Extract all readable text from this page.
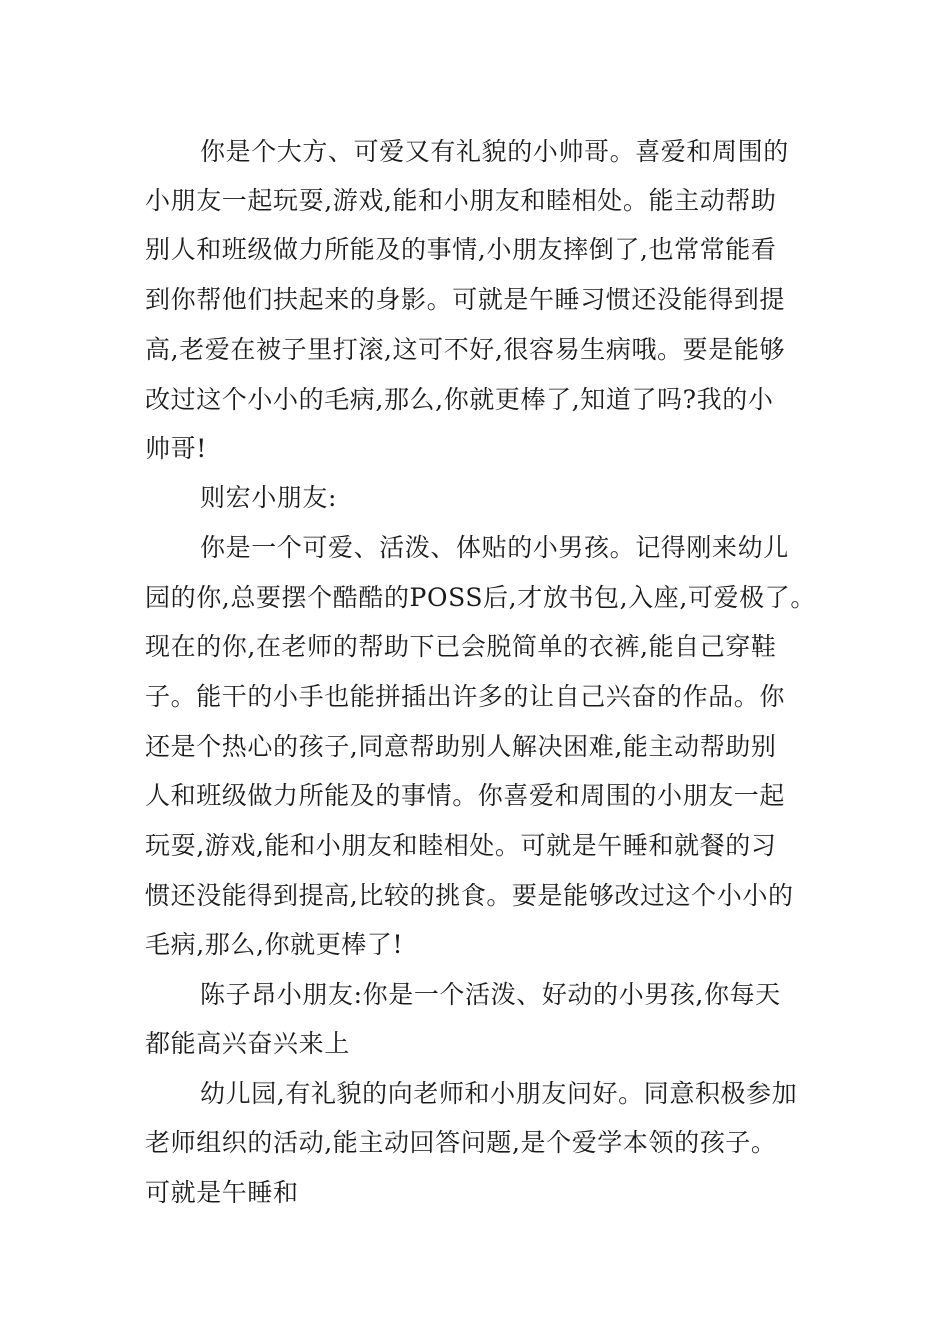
你是个大方、可爱又有礼貌的小帅哥。喜爱和周围的

小朋友一起玩耍,游戏,能和小朋友和睦相处。能主动帮助

别人和班级做力所能及的事情,小朋友摔倒了,也常常能看

到你帮他们扶起来的身影。可就是午睡习惯还没能得到提

高,老爱在被子里打滚,这可不好,很容易生病哦。要是能够

改过这个小小的毛病,那么,你就更棒了,知道了吗?我的小

帅哥!

则宏小朋友:

你是一个可爱、活泼、体贴的小男孩。记得刚来幼儿

园的你,总要摆个酷酷的POSS后,才放书包,入座,可爱极了。

现在的你,在老师的帮助下已会脱简单的衣裤,能自己穿鞋

子。能干的小手也能拼插出许多的让自己兴奋的作品。你

还是个热心的孩子,同意帮助别人解决困难,能主动帮助别

人和班级做力所能及的事情。你喜爱和周围的小朋友一起

玩耍,游戏,能和小朋友和睦相处。可就是午睡和就餐的习

惯还没能得到提高,比较的挑食。要是能够改过这个小小的

毛病,那么,你就更棒了!

陈子昂小朋友:你是一个活泼、好动的小男孩,你每天

都能高兴奋兴来上

幼儿园,有礼貌的向老师和小朋友问好。同意积极参加

老师组织的活动,能主动回答问题,是个爱学本领的孩子。

可就是午睡和
